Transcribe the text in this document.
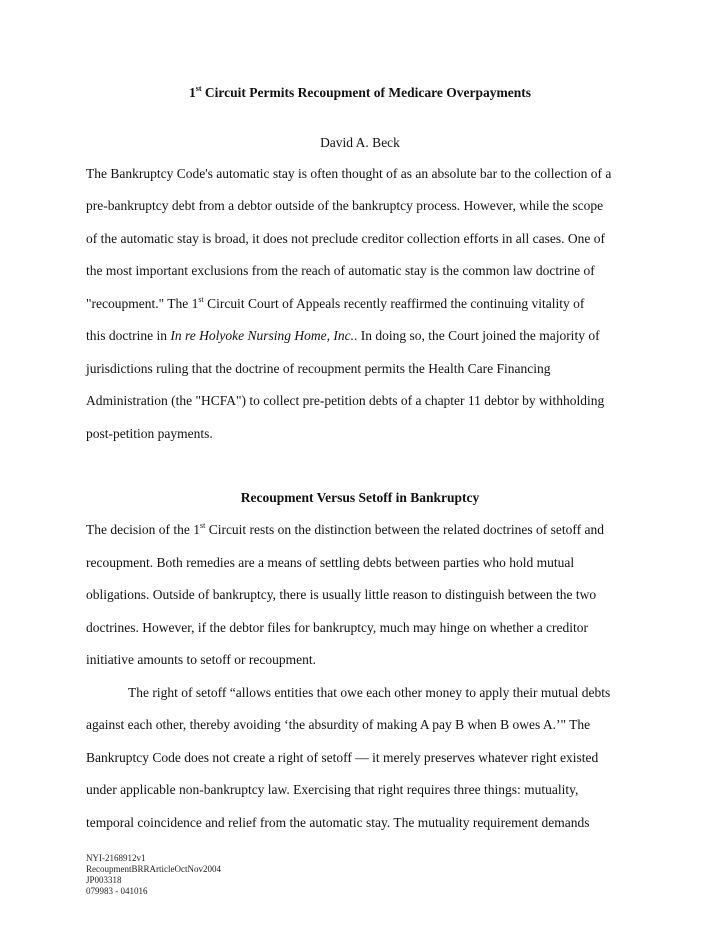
1st Circuit Permits Recoupment of Medicare Overpayments
David A. Beck
The Bankruptcy Code's automatic stay is often thought of as an absolute bar to the collection of a
pre-bankruptcy debt from a debtor outside of the bankruptcy process. However, while the scope
of the automatic stay is broad, it does not preclude creditor collection efforts in all cases. One of
the most important exclusions from the reach of automatic stay is the common law doctrine of
"recoupment." The 1st Circuit Court of Appeals recently reaffirmed the continuing vitality of
this doctrine in In re Holyoke Nursing Home, Inc.. In doing so, the Court joined the majority of
jurisdictions ruling that the doctrine of recoupment permits the Health Care Financing
Administration (the "HCFA") to collect pre-petition debts of a chapter 11 debtor by withholding
post-petition payments.
Recoupment Versus Setoff in Bankruptcy
The decision of the 1st Circuit rests on the distinction between the related doctrines of setoff and
recoupment. Both remedies are a means of settling debts between parties who hold mutual
obligations. Outside of bankruptcy, there is usually little reason to distinguish between the two
doctrines. However, if the debtor files for bankruptcy, much may hinge on whether a creditor
initiative amounts to setoff or recoupment.
The right of setoff “allows entities that owe each other money to apply their mutual debts
against each other, thereby avoiding ‘the absurdity of making A pay B when B owes A.’" The
Bankruptcy Code does not create a right of setoff — it merely preserves whatever right existed
under applicable non-bankruptcy law. Exercising that right requires three things: mutuality,
temporal coincidence and relief from the automatic stay. The mutuality requirement demands
NYI-2168912v1
RecoupmentBRRArticleOctNov2004
JP003318
079983 - 041016
